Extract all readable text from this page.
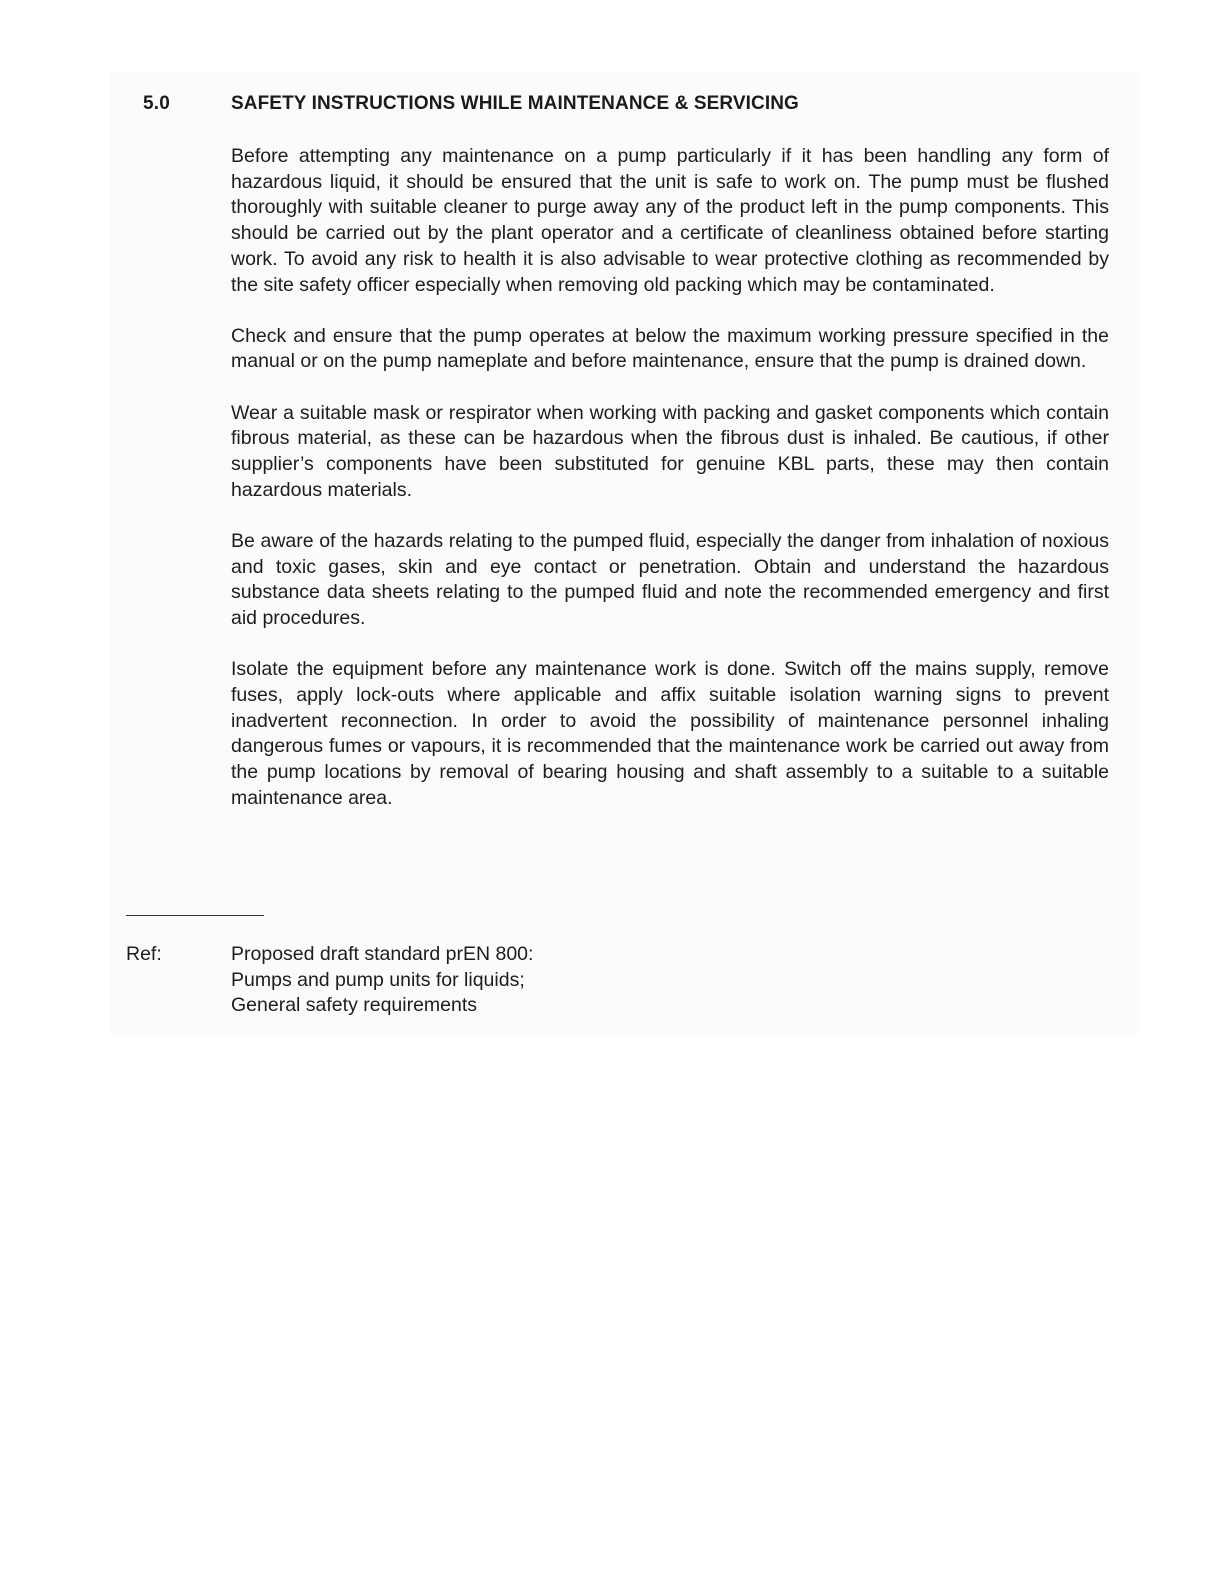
5.0	SAFETY INSTRUCTIONS WHILE MAINTENANCE & SERVICING

Before attempting any maintenance on a pump particularly if it has been handling any form of hazardous liquid, it should be ensured that the unit is safe to work on. The pump must be flushed thoroughly with suitable cleaner to purge away any of the product left in the pump components. This should be carried out by the plant operator and a certificate of cleanliness obtained before starting work. To avoid any risk to health it is also advisable to wear protective clothing as recommended by the site safety officer especially when removing old packing which may be contaminated.

Check and ensure that the pump operates at below the maximum working pressure specified in the manual or on the pump nameplate and before maintenance, ensure that the pump is drained down.

Wear a suitable mask or respirator when working with packing and gasket components which contain fibrous material, as these can be hazardous when the fibrous dust is inhaled. Be cautious, if other supplier’s components have been substituted for genuine KBL parts, these may then contain hazardous materials.

Be aware of the hazards relating to the pumped fluid, especially the danger from inhalation of noxious and toxic gases, skin and eye contact or penetration. Obtain and understand the hazardous substance data sheets relating to the pumped fluid and note the recommended emergency and first aid procedures.

Isolate the equipment before any maintenance work is done. Switch off the mains supply, remove fuses, apply lock-outs where applicable and affix suitable isolation warning signs to prevent inadvertent reconnection. In order to avoid the possibility of maintenance personnel inhaling dangerous fumes or vapours, it is recommended that the maintenance work be carried out away from the pump locations by removal of bearing housing and shaft assembly to a suitable to a suitable maintenance area.

Ref:	Proposed draft standard prEN 800:
Pumps and pump units for liquids;
General safety requirements
